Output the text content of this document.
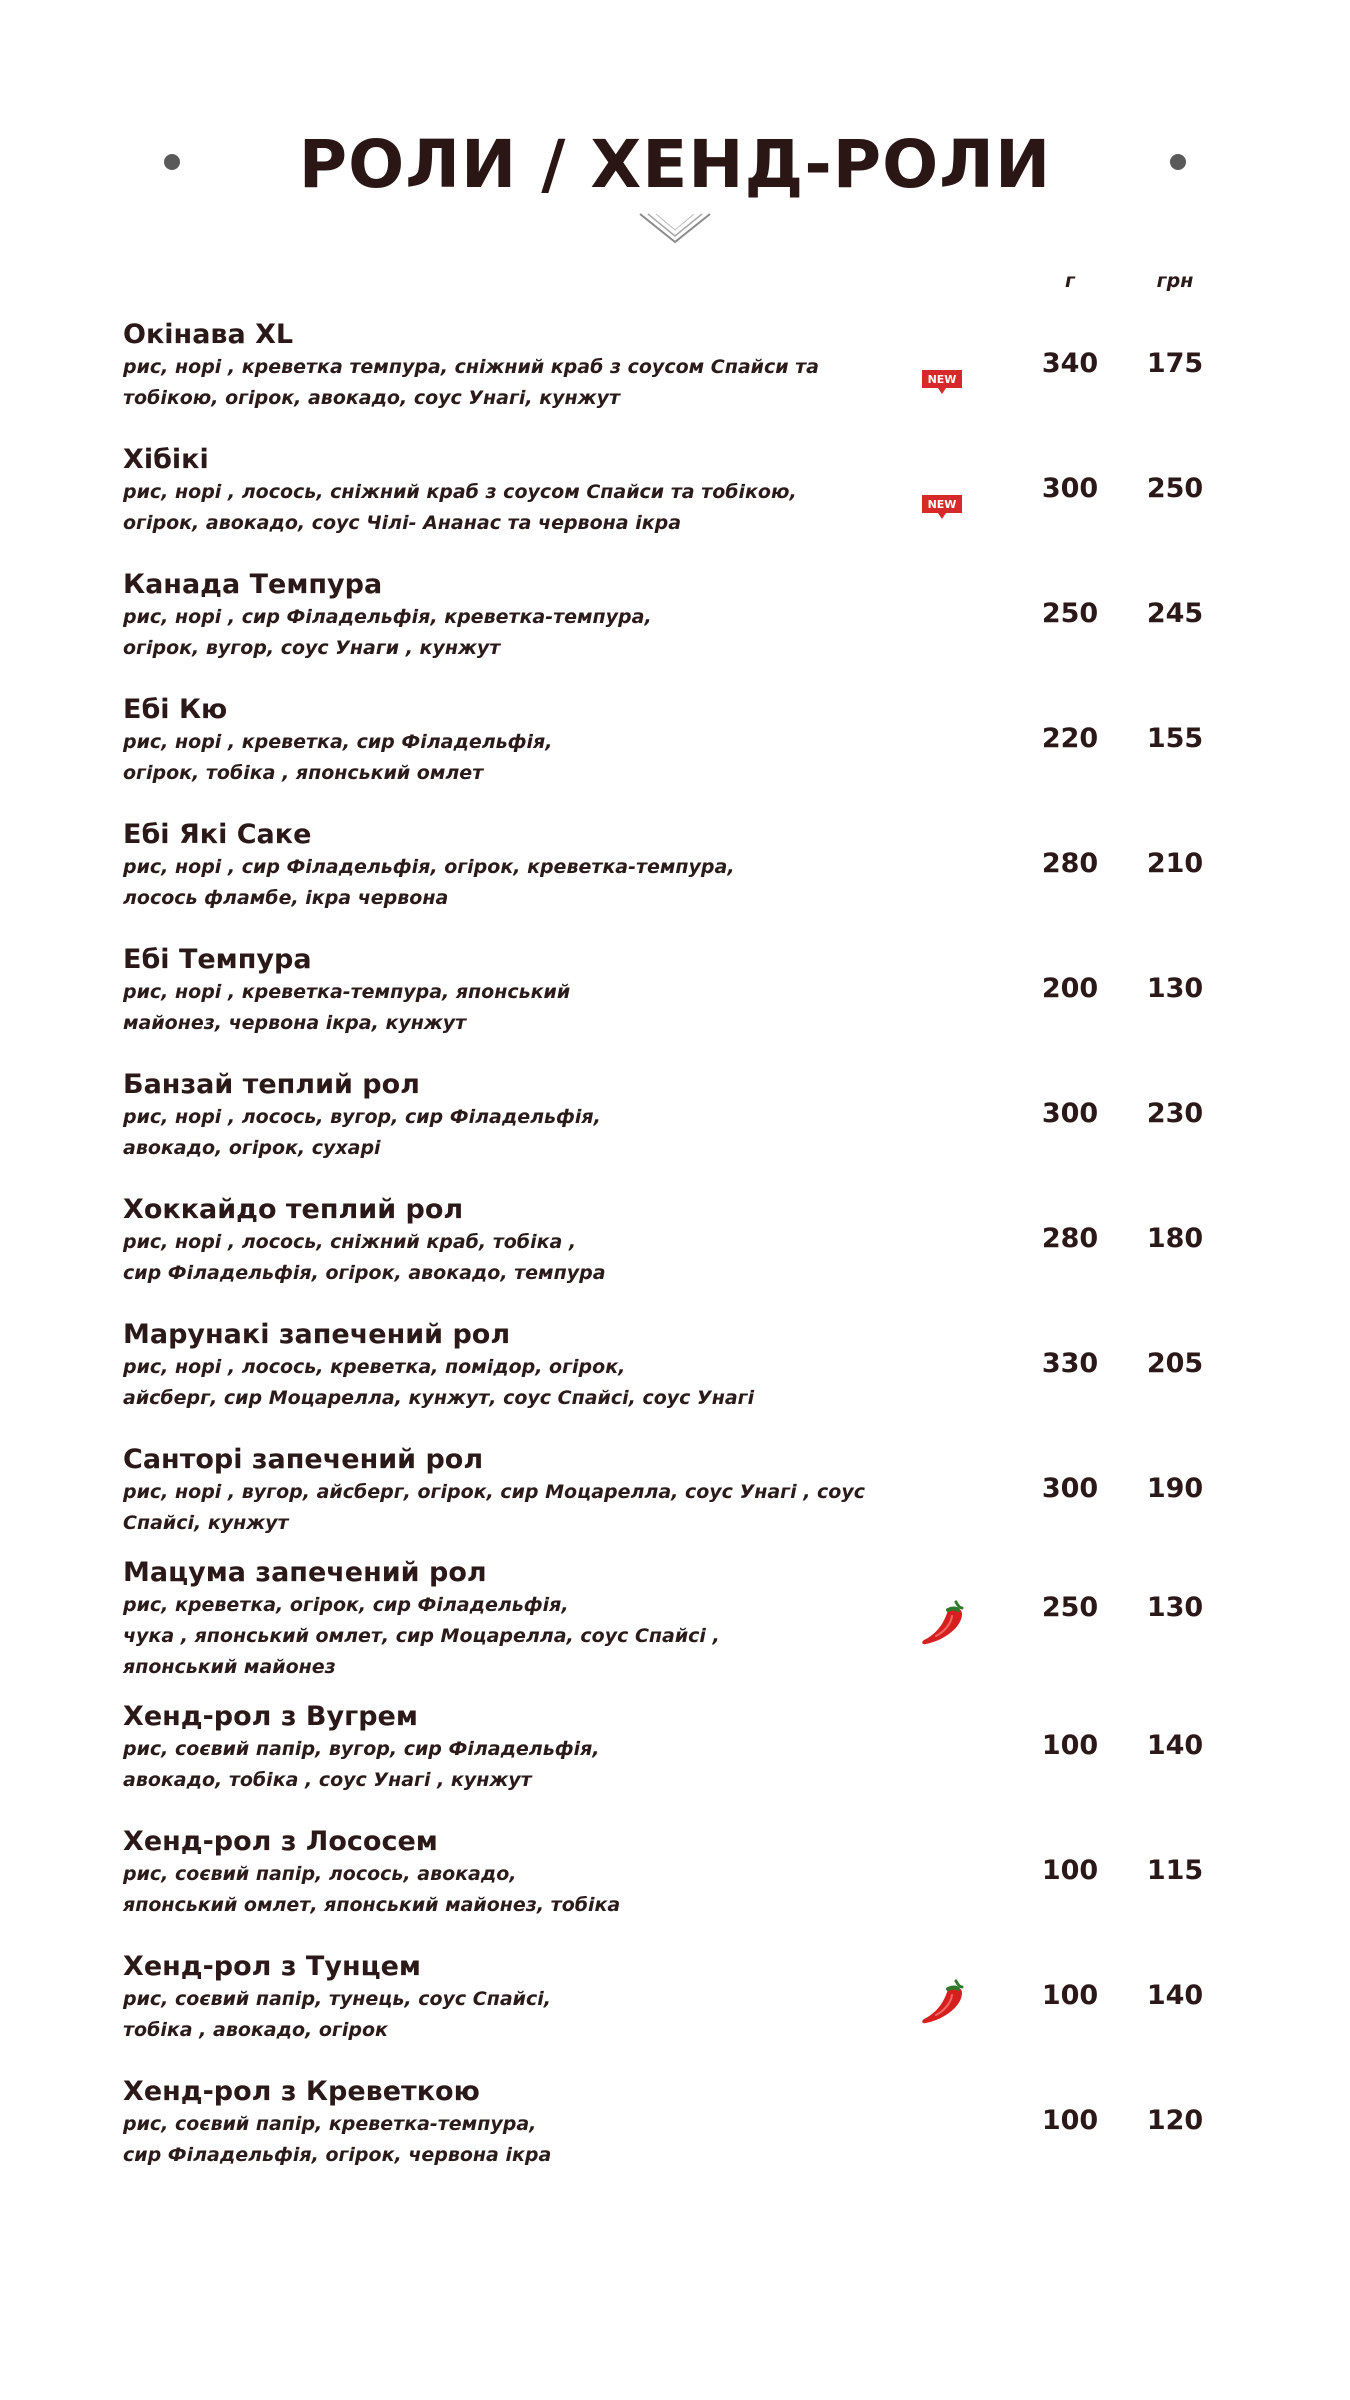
РОЛИ / ХЕНД-РОЛИ
г	грн
Окінава XL
рис, норі , креветка темпура, сніжний краб з соусом Спайси та
тобікою, огірок, авокадо, соус Унагі, кунжут
NEW
340	175
Хібікі
рис, норі , лосось, сніжний краб з соусом Спайси та тобікою,
огірок, авокадо, соус Чілі- Ананас та червона ікра
NEW
300	250
Канада Темпура
рис, норі , сир Філадельфія, креветка-темпура,
огірок, вугор, соус Унаги , кунжут
250	245
Ебі Кю
рис, норі , креветка, сир Філадельфія,
огірок, тобіка , японський омлет
220	155
Ебі Які Саке
рис, норі , сир Філадельфія, огірок, креветка-темпура,
лосось фламбе, ікра червона
280	210
Ебі Темпура
рис, норі , креветка-темпура, японський
майонез, червона ікра, кунжут
200	130
Банзай теплий рол
рис, норі , лосось, вугор, сир Філадельфія,
авокадо, огірок, сухарі
300	230
Хоккайдо теплий рол
рис, норі , лосось, сніжний краб, тобіка ,
сир Філадельфія, огірок, авокадо, темпура
280	180
Марунакі запечений рол
рис, норі , лосось, креветка, помідор, огірок,
айсберг, сир Моцарелла, кунжут, соус Спайсі, соус Унагі
330	205
Санторі запечений рол
рис, норі , вугор, айсберг, огірок, сир Моцарелла, соус Унагі , соус
Спайсі, кунжут
300	190
Мацума запечений рол
рис, креветка, огірок, сир Філадельфія,
чука , японський омлет, сир Моцарелла, соус Спайсі ,
японський майонез
250	130
Хенд-рол з Вугрем
рис, соєвий папір, вугор, сир Філадельфія,
авокадо, тобіка , соус Унагі , кунжут
100	140
Хенд-рол з Лососем
рис, соєвий папір, лосось, авокадо,
японський омлет, японський майонез, тобіка
100	115
Хенд-рол з Тунцем
рис, соєвий папір, тунець, соус Спайсі,
тобіка , авокадо, огірок
100	140
Хенд-рол з Креветкою
рис, соєвий папір, креветка-темпура,
сир Філадельфія, огірок, червона ікра
100	120
